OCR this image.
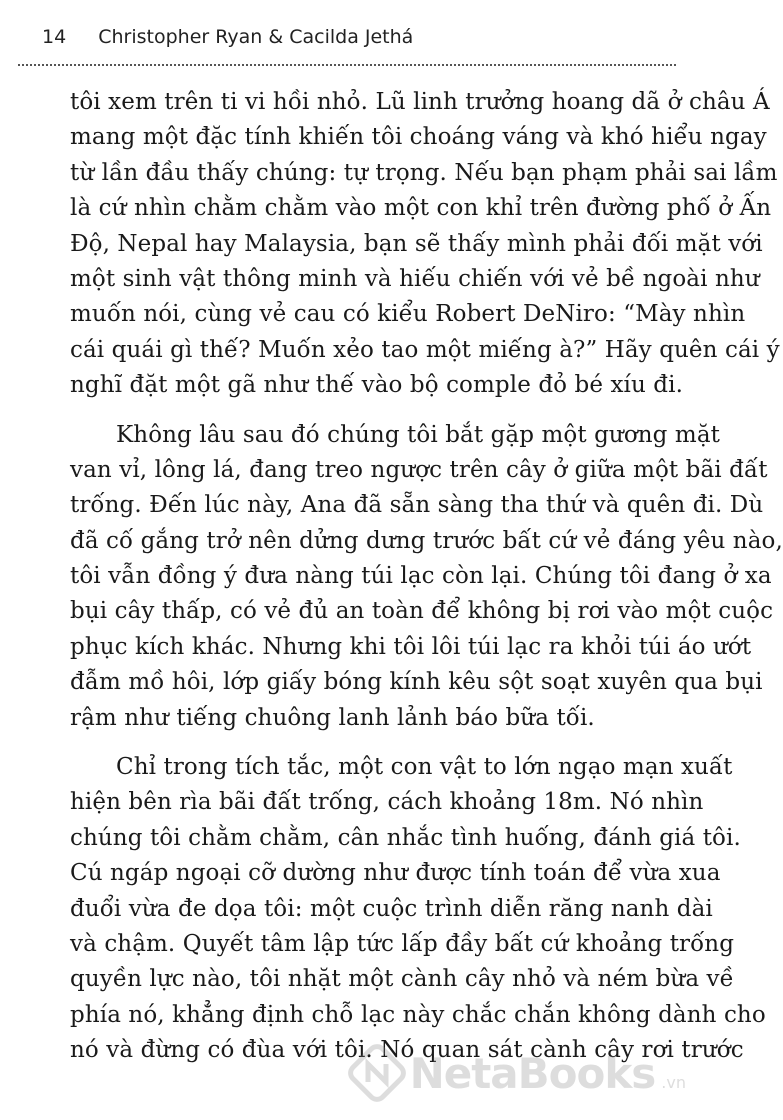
14 Christopher Ryan & Cacilda Jethá
tôi xem trên ti vi hồi nhỏ. Lũ linh trưởng hoang dã ở châu Á
mang một đặc tính khiến tôi choáng váng và khó hiểu ngay
từ lần đầu thấy chúng: tự trọng. Nếu bạn phạm phải sai lầm
là cứ nhìn chằm chằm vào một con khỉ trên đường phố ở Ấn
Độ, Nepal hay Malaysia, bạn sẽ thấy mình phải đối mặt với
một sinh vật thông minh và hiếu chiến với vẻ bề ngoài như
muốn nói, cùng vẻ cau có kiểu Robert DeNiro: “Mày nhìn
cái quái gì thế? Muốn xẻo tao một miếng à?” Hãy quên cái ý
nghĩ đặt một gã như thế vào bộ comple đỏ bé xíu đi.
Không lâu sau đó chúng tôi bắt gặp một gương mặt
van vỉ, lông lá, đang treo ngược trên cây ở giữa một bãi đất
trống. Đến lúc này, Ana đã sẵn sàng tha thứ và quên đi. Dù
đã cố gắng trở nên dửng dưng trước bất cứ vẻ đáng yêu nào,
tôi vẫn đồng ý đưa nàng túi lạc còn lại. Chúng tôi đang ở xa
bụi cây thấp, có vẻ đủ an toàn để không bị rơi vào một cuộc
phục kích khác. Nhưng khi tôi lôi túi lạc ra khỏi túi áo ướt
đẫm mồ hôi, lớp giấy bóng kính kêu sột soạt xuyên qua bụi
rậm như tiếng chuông lanh lảnh báo bữa tối.
Chỉ trong tích tắc, một con vật to lớn ngạo mạn xuất
hiện bên rìa bãi đất trống, cách khoảng 18m. Nó nhìn
chúng tôi chằm chằm, cân nhắc tình huống, đánh giá tôi.
Cú ngáp ngoại cỡ dường như được tính toán để vừa xua
đuổi vừa đe dọa tôi: một cuộc trình diễn răng nanh dài
và chậm. Quyết tâm lập tức lấp đầy bất cứ khoảng trống
quyền lực nào, tôi nhặt một cành cây nhỏ và ném bừa về
phía nó, khẳng định chỗ lạc này chắc chắn không dành cho
nó và đừng có đùa với tôi. Nó quan sát cành cây rơi trước
NetaBooks .vn
